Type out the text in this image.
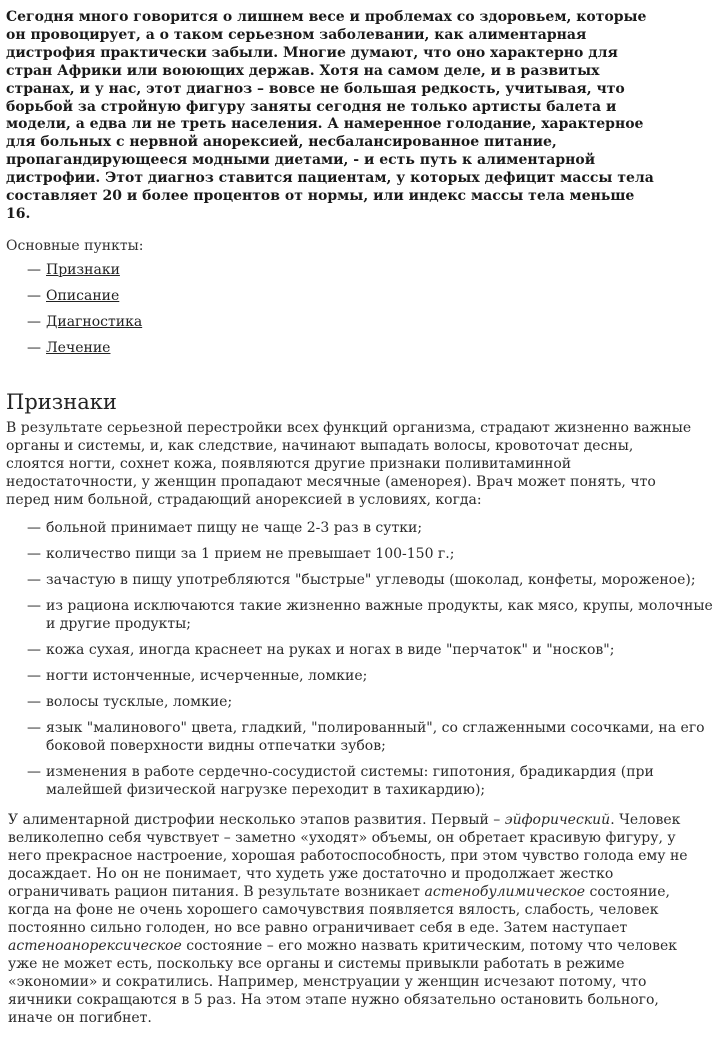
Сегодня много говорится о лишнем весе и проблемах со здоровьем, которые
он провоцирует, а о таком серьезном заболевании, как алиментарная
дистрофия практически забыли. Многие думают, что оно характерно для
стран Африки или воюющих держав. Хотя на самом деле, и в развитых
странах, и у нас, этот диагноз – вовсе не большая редкость, учитывая, что
борьбой за стройную фигуру заняты сегодня не только артисты балета и
модели, а едва ли не треть населения. А намеренное голодание, характерное
для больных с нервной анорексией, несбалансированное питание,
пропагандирующееся модными диетами, - и есть путь к алиментарной
дистрофии. Этот диагноз ставится пациентам, у которых дефицит массы тела
составляет 20 и более процентов от нормы, или индекс массы тела меньше
16.

Основные пункты:

— Признаки
— Описание
— Диагностика
— Лечение
Признаки

В результате серьезной перестройки всех функций организма, страдают жизненно важные
органы и системы, и, как следствие, начинают выпадать волосы, кровоточат десны,
слоятся ногти, сохнет кожа, появляются другие признаки поливитаминной
недостаточности, у женщин пропадают месячные (аменорея). Врач может понять, что
перед ним больной, страдающий анорексией в условиях, когда:

— больной принимает пищу не чаще 2-3 раз в сутки;
— количество пищи за 1 прием не превышает 100-150 г.;
— зачастую в пищу употребляются "быстрые" углеводы (шоколад, конфеты, мороженое);
— из рациона исключаются такие жизненно важные продукты, как мясо, крупы, молочные
и другие продукты;
— кожа сухая, иногда краснеет на руках и ногах в виде "перчаток" и "носков";
— ногти истонченные, исчерченные, ломкие;
— волосы тусклые, ломкие;
— язык "малинового" цвета, гладкий, "полированный", со сглаженными сосочками, на его
боковой поверхности видны отпечатки зубов;
— изменения в работе сердечно-сосудистой системы: гипотония, брадикардия (при
малейшей физической нагрузке переходит в тахикардию);

У алиментарной дистрофии несколько этапов развития. Первый – эйфорический. Человек
великолепно себя чувствует – заметно «уходят» объемы, он обретает красивую фигуру, у
него прекрасное настроение, хорошая работоспособность, при этом чувство голода ему не
досаждает. Но он не понимает, что худеть уже достаточно и продолжает жестко
ограничивать рацион питания. В результате возникает астенобулимическое состояние,
когда на фоне не очень хорошего самочувствия появляется вялость, слабость, человек
постоянно сильно голоден, но все равно ограничивает себя в еде. Затем наступает
астеноанорексическое состояние – его можно назвать критическим, потому что человек
уже не может есть, поскольку все органы и системы привыкли работать в режиме
«экономии» и сократились. Например, менструации у женщин исчезают потому, что
яичники сокращаются в 5 раз. На этом этапе нужно обязательно остановить больного,
иначе он погибнет.
